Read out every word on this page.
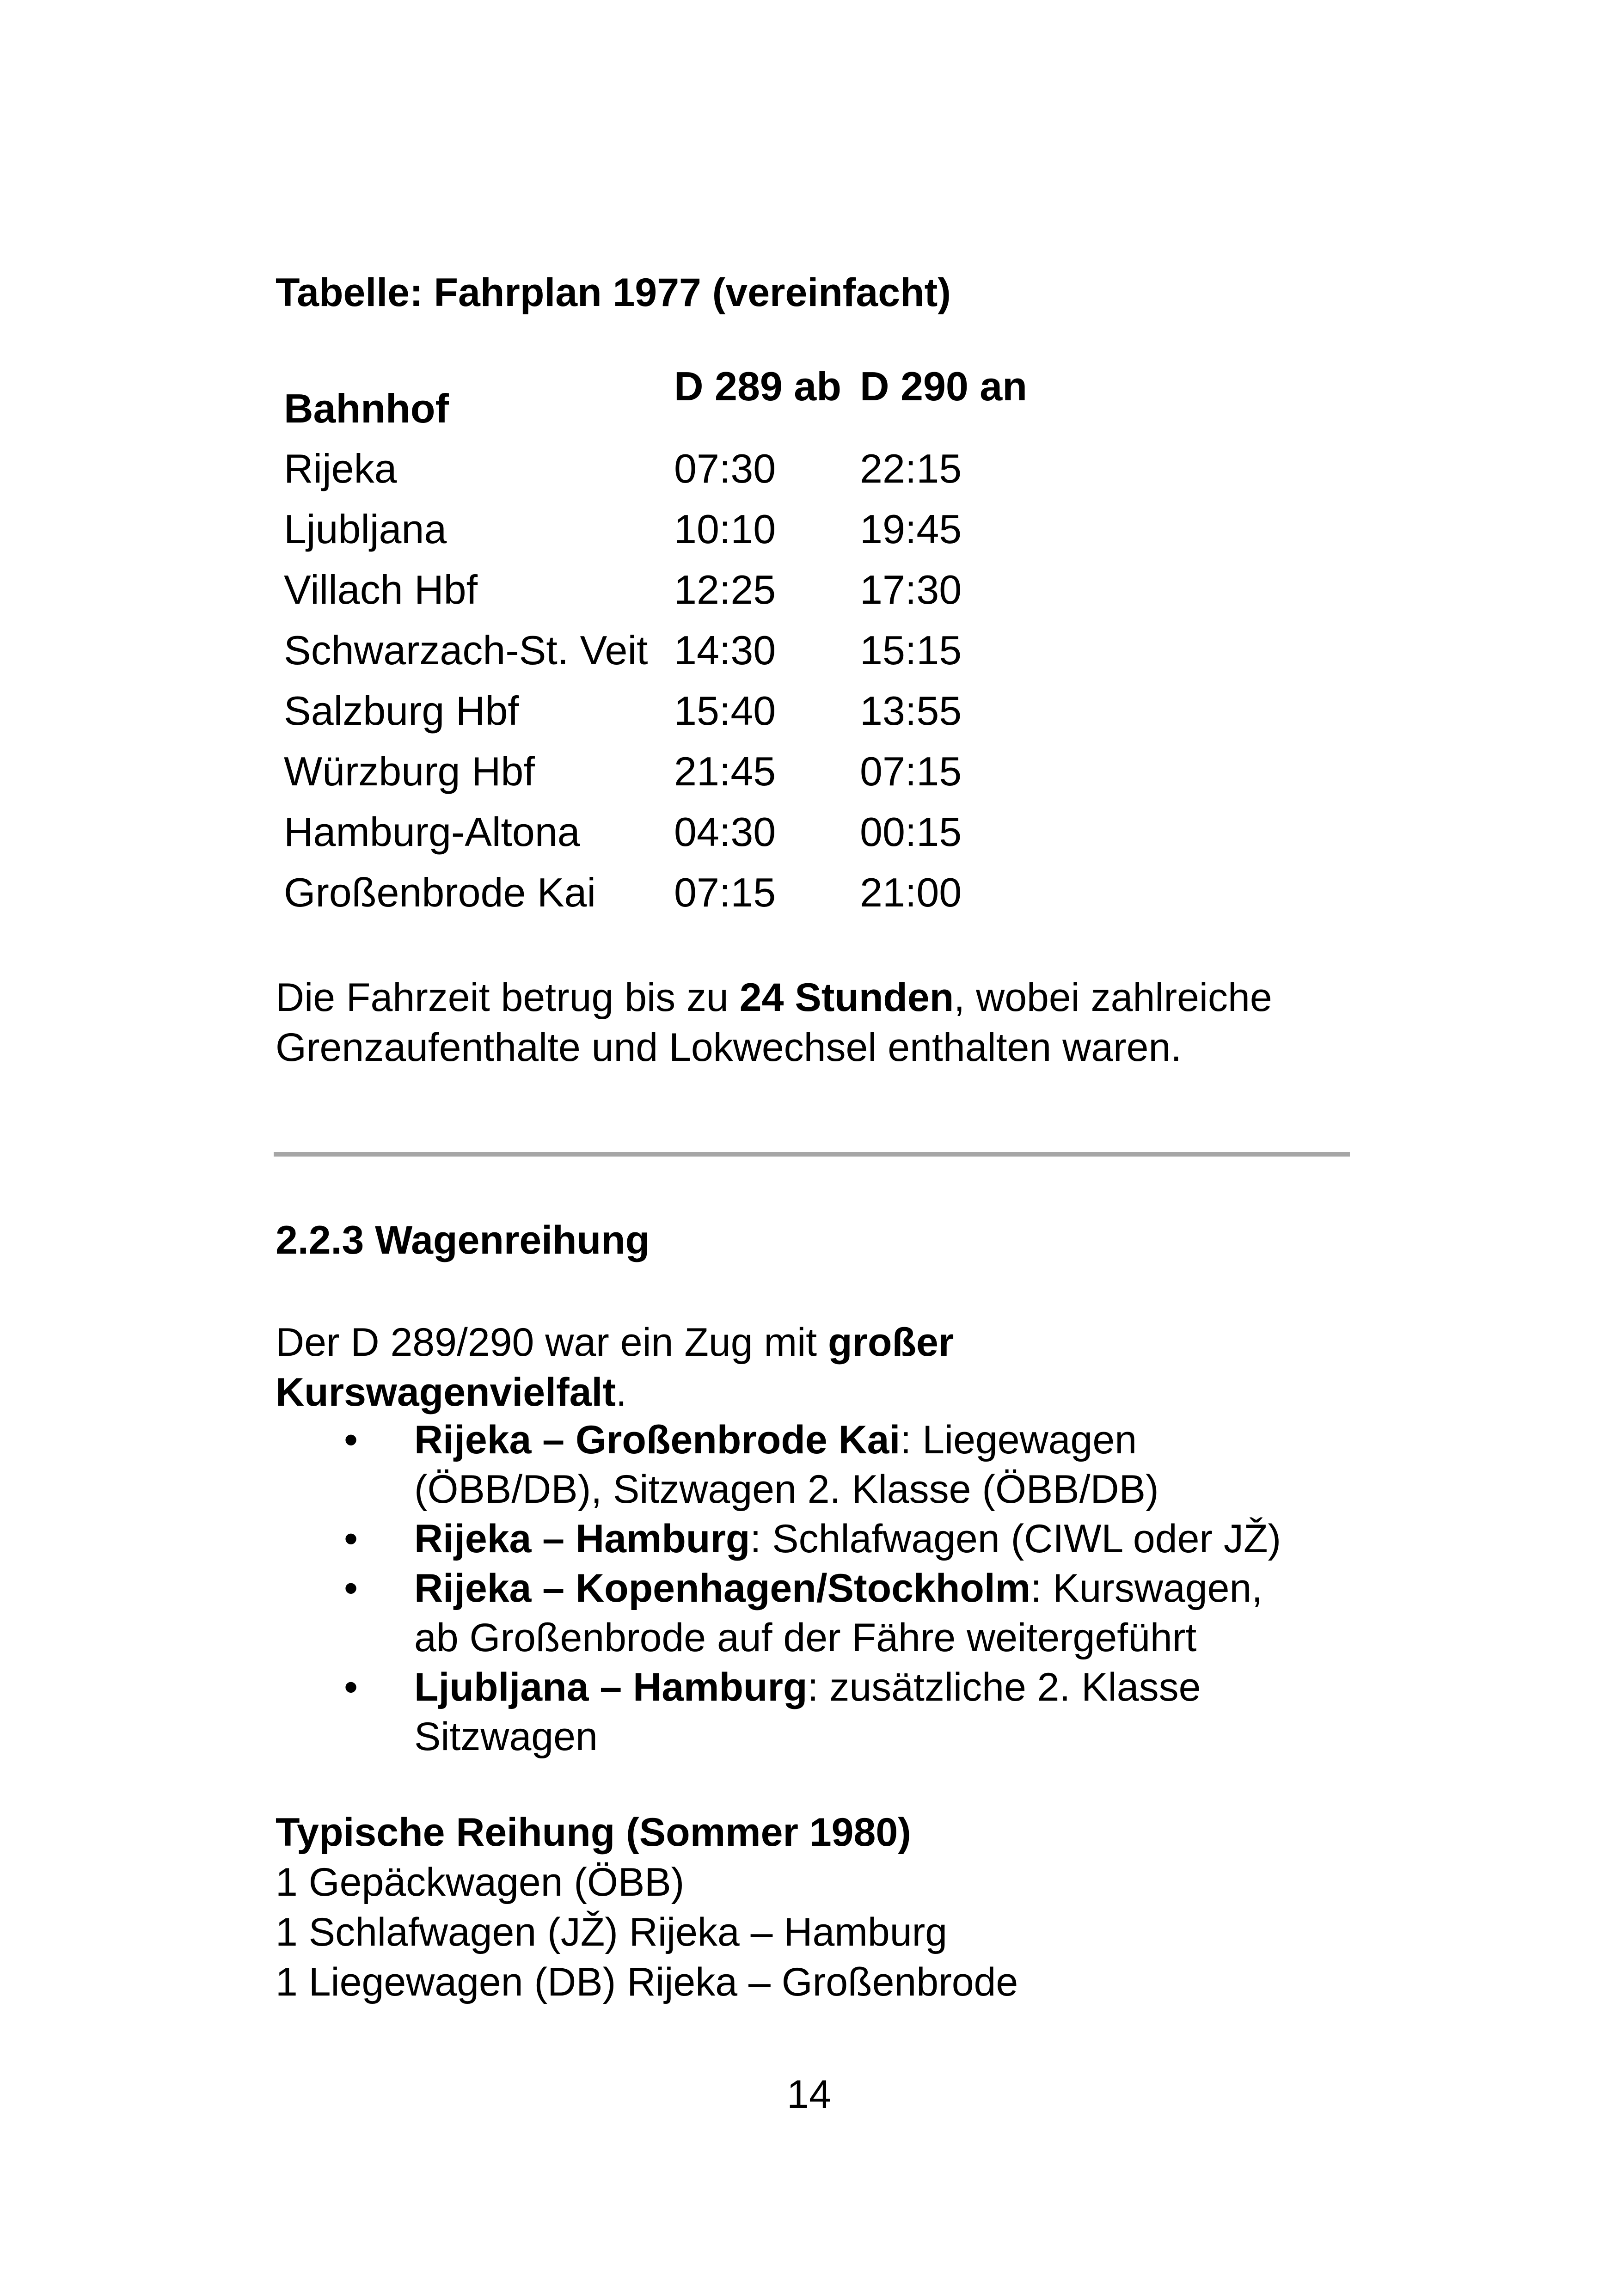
Tabelle: Fahrplan 1977 (vereinfacht)
Bahnhof	D 289 ab D 290 an
Rijeka	07:30 22:15
Ljubljana	10:10 19:45
Villach Hbf	12:25 17:30
Schwarzach-St. Veit 14:30 15:15
Salzburg Hbf	15:40 13:55
Würzburg Hbf	21:45 07:15
Hamburg-Altona 04:30 00:15
Großenbrode Kai 07:15 21:00
Die Fahrzeit betrug bis zu 24 Stunden, wobei zahlreiche
Grenzaufenthalte und Lokwechsel enthalten waren.
2.2.3 Wagenreihung
Der D 289/290 war ein Zug mit großer
Kurswagenvielfalt.
• Rijeka – Großenbrode Kai: Liegewagen
(ÖBB/DB), Sitzwagen 2. Klasse (ÖBB/DB)
• Rijeka – Hamburg: Schlafwagen (CIWL oder JŽ)
• Rijeka – Kopenhagen/Stockholm: Kurswagen,
ab Großenbrode auf der Fähre weitergeführt
• Ljubljana – Hamburg: zusätzliche 2. Klasse
Sitzwagen
Typische Reihung (Sommer 1980)
1 Gepäckwagen (ÖBB)
1 Schlafwagen (JŽ) Rijeka – Hamburg
1 Liegewagen (DB) Rijeka – Großenbrode
14
